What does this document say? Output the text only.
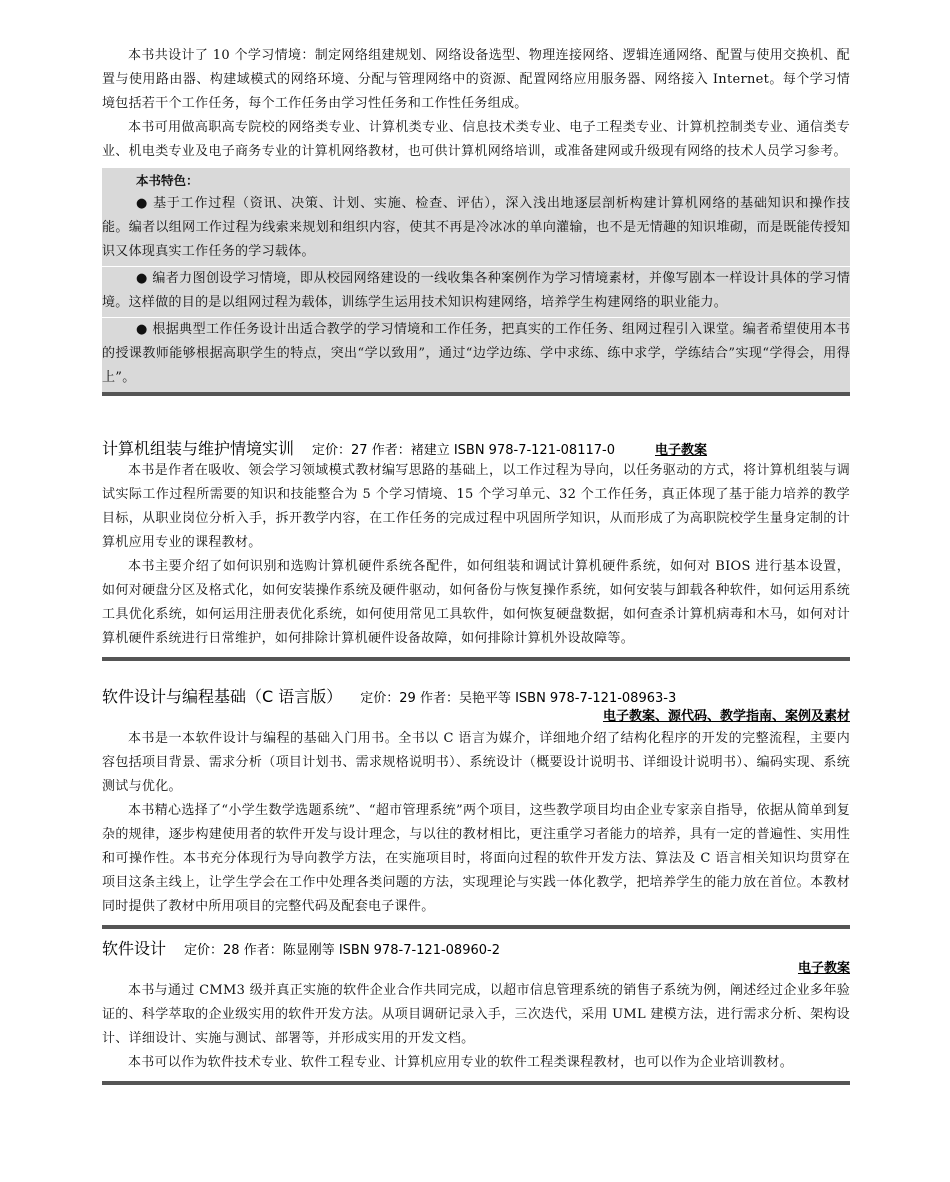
本书共设计了 10 个学习情境：制定网络组建规划、网络设备选型、物理连接网络、逻辑连通网络、配置与使用交换机、配置与使用路由器、构建域模式的网络环境、分配与管理网络中的资源、配置网络应用服务器、网络接入 Internet。每个学习情境包括若干个工作任务，每个工作任务由学习性任务和工作性任务组成。

本书可用做高职高专院校的网络类专业、计算机类专业、信息技术类专业、电子工程类专业、计算机控制类专业、通信类专业、机电类专业及电子商务专业的计算机网络教材，也可供计算机网络培训，或准备建网或升级现有网络的技术人员学习参考。

本书特色：
● 基于工作过程（资讯、决策、计划、实施、检查、评估），深入浅出地逐层剖析构建计算机网络的基础知识和操作技能。编者以组网工作过程为线索来规划和组织内容，使其不再是冷冰冰的单向灌输，也不是无情趣的知识堆砌，而是既能传授知识又体现真实工作任务的学习载体。
● 编者力图创设学习情境，即从校园网络建设的一线收集各种案例作为学习情境素材，并像写剧本一样设计具体的学习情境。这样做的目的是以组网过程为载体，训练学生运用技术知识构建网络，培养学生构建网络的职业能力。
● 根据典型工作任务设计出适合教学的学习情境和工作任务，把真实的工作任务、组网过程引入课堂。编者希望使用本书的授课教师能够根据高职学生的特点，突出“学以致用”，通过“边学边练、学中求练、练中求学，学练结合”实现“学得会，用得上”。
计算机组装与维护情境实训 定价：27 作者：褚建立 ISBN 978-7-121-08117-0	电子教案

本书是作者在吸收、领会学习领域模式教材编写思路的基础上，以工作过程为导向，以任务驱动的方式，将计算机组装与调试实际工作过程所需要的知识和技能整合为 5 个学习情境、15 个学习单元、32 个工作任务，真正体现了基于能力培养的教学目标，从职业岗位分析入手，拆开教学内容，在工作任务的完成过程中巩固所学知识，从而形成了为高职院校学生量身定制的计算机应用专业的课程教材。

本书主要介绍了如何识别和选购计算机硬件系统各配件，如何组装和调试计算机硬件系统，如何对 BIOS 进行基本设置，如何对硬盘分区及格式化，如何安装操作系统及硬件驱动，如何备份与恢复操作系统，如何安装与卸载各种软件，如何运用系统工具优化系统，如何运用注册表优化系统，如何使用常见工具软件，如何恢复硬盘数据，如何查杀计算机病毒和木马，如何对计算机硬件系统进行日常维护，如何排除计算机硬件设备故障，如何排除计算机外设故障等。

软件设计与编程基础（C 语言版） 定价：29 作者：吴艳平等 ISBN 978-7-121-08963-3
电子教案、源代码、教学指南、案例及素材

本书是一本软件设计与编程的基础入门用书。全书以 C 语言为媒介，详细地介绍了结构化程序的开发的完整流程，主要内容包括项目背景、需求分析（项目计划书、需求规格说明书）、系统设计（概要设计说明书、详细设计说明书）、编码实现、系统测试与优化。

本书精心选择了“小学生数学选题系统”、“超市管理系统”两个项目，这些教学项目均由企业专家亲自指导，依据从简单到复杂的规律，逐步构建使用者的软件开发与设计理念，与以往的教材相比，更注重学习者能力的培养，具有一定的普遍性、实用性和可操作性。本书充分体现行为导向教学方法，在实施项目时，将面向过程的软件开发方法、算法及 C 语言相关知识均贯穿在项目这条主线上，让学生学会在工作中处理各类问题的方法，实现理论与实践一体化教学，把培养学生的能力放在首位。本教材同时提供了教材中所用项目的完整代码及配套电子课件。

软件设计 定价：28 作者：陈显刚等 ISBN 978-7-121-08960-2
电子教案

本书与通过 CMM3 级并真正实施的软件企业合作共同完成，以超市信息管理系统的销售子系统为例，阐述经过企业多年验证的、科学萃取的企业级实用的软件开发方法。从项目调研记录入手，三次迭代，采用 UML 建模方法，进行需求分析、架构设计、详细设计、实施与测试、部署等，并形成实用的开发文档。

本书可以作为软件技术专业、软件工程专业、计算机应用专业的软件工程类课程教材，也可以作为企业培训教材。
